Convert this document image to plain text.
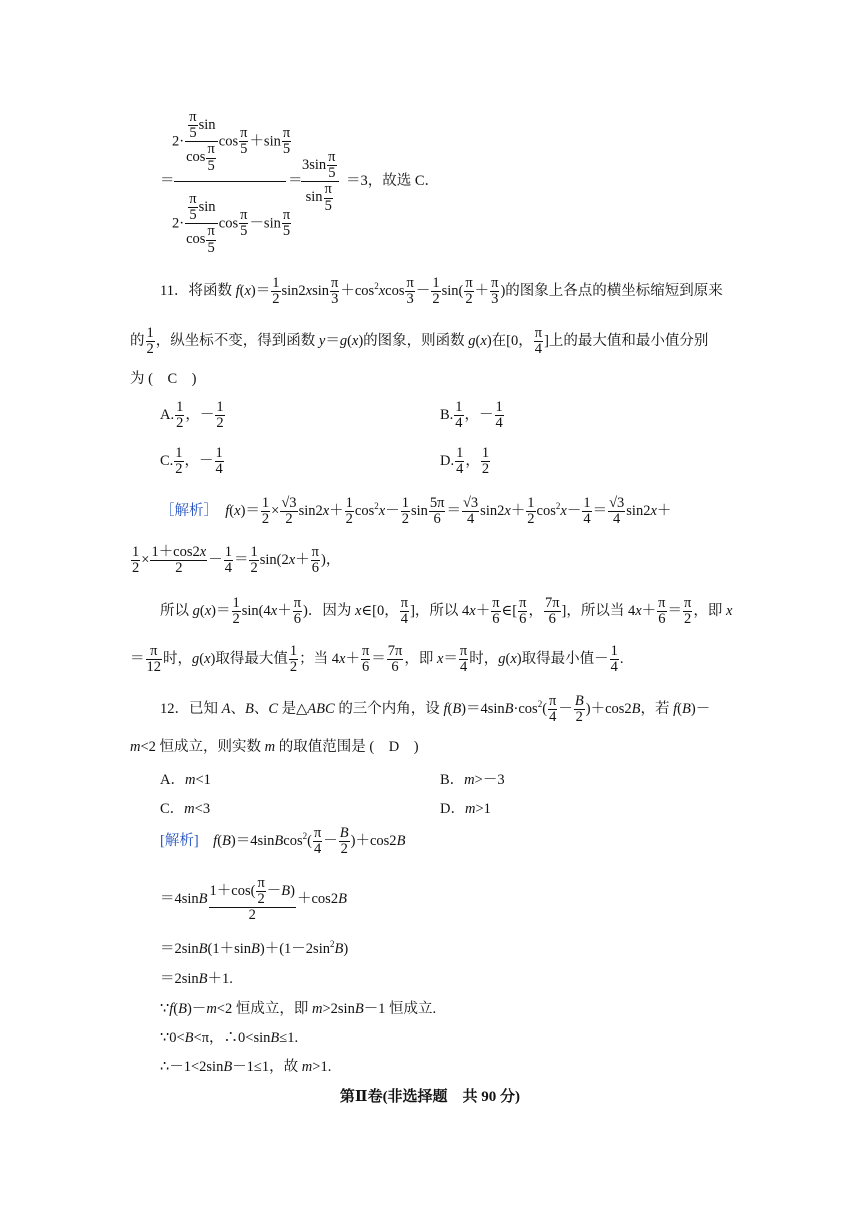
$2\cdot \frac{\frac{\pi}{5} \sin}{\cos \frac{\pi}{5}}$ $\cos \frac{\pi}{5} +\sin \frac{\pi}{5}$
＝
$2\cdot \frac{\frac{\pi}{5} \sin}{\cos \frac{\pi}{5}}$ $\cos \frac{\pi}{5} -\sin \frac{\pi}{5}$
＝
$\frac{3\sin \frac{\pi}{5}}{\sin \frac{\pi}{5}} =3$，故选 C．
11．将函数 $f(x)= \frac{1}{2} \sin 2xsin \frac{\pi}{3} +\cos^2xcos \frac{\pi}{3} - \frac{1}{2} \sin( \frac{\pi}{2} + \frac{\pi}{3}$ )的图象上各点的横坐标缩短到原来
的 $\frac{1}{2}$ ，纵坐标不变，得到函数 y＝g(x)的图象，则函数 g(x)在[0， $\frac{\pi}{4}$ ]上的最大值和最小值分别
为 (　C　)
A. $\frac{1}{2}$ ，－ $\frac{1}{2}$	B. $\frac{1}{4}$ ，－ $\frac{1}{4}$
C. $\frac{1}{2}$ ，－ $\frac{1}{4}$	D. $\frac{1}{4}$ ， $\frac{1}{2}$
［解析］　 $f(x)= \frac{1}{2} \times \frac{√3}{2} \sin 2x+ \frac{1}{2} \cos^2x- \frac{1}{2}$ $\sin \frac{5\pi}{6} = \frac{√3}{4} \sin 2x+ \frac{1}{2} \cos^2x- \frac{1}{4} = \frac{√3}{4} \sin 2x+$
$\frac{1}{2} \times \frac{1+\cos 2x}{2} - \frac{1}{4} = \frac{1}{2} \sin(2x+ \frac{\pi}{6}$ )，
所以 $g(x)= \frac{1}{2} \sin(4x+ \frac{\pi}{6}$ )．因为 x∈[0， $\frac{\pi}{4}$ ]，所以 $4x+ \frac{\pi}{6}$ ∈[ $\frac{\pi}{6}$ ， $\frac{7\pi}{6}$ ]，所以当 $4x+ \frac{\pi}{6} = \frac{\pi}{2}$ ，即 x
＝ $\frac{\pi}{12}$ 时，g(x)取得最大值 $\frac{1}{2}$ ；当 $4x+ \frac{\pi}{6} = \frac{7\pi}{6}$ ，即 $x= \frac{\pi}{4}$ 时，g(x)取得最小值－ $\frac{1}{4}$ .
12．已知 A、B、C 是△ABC 的三个内角，设 $f(B)=4\sin B\cdot\cos^2( \frac{\pi}{4} - \frac{B}{2} )+\cos 2B$，若 f(B)－
m<2 恒成立，则实数 m 的取值范围是 (　D　)
A．m<1	B．m>－3
C．m<3	D．m>1
[解析]　 f(B)＝4sinBcos$^2$( $\frac{\pi}{4} - \frac{B}{2} )+\cos 2B$
$=4\sin B \frac{1+\cos( \frac{\pi}{2} -B)}{2} +\cos 2B$
$=2\sin B(1+\sin B)+(1-2\sin^2B)$
＝2sinB＋1.
∵f(B)－m<2 恒成立，即 m>2sinB－1 恒成立.
∵0<B<π，∴0<sinB≤1.
∴－1<2sinB－1≤1，故 m>1.
第Ⅱ卷(非选择题　共 90 分)
